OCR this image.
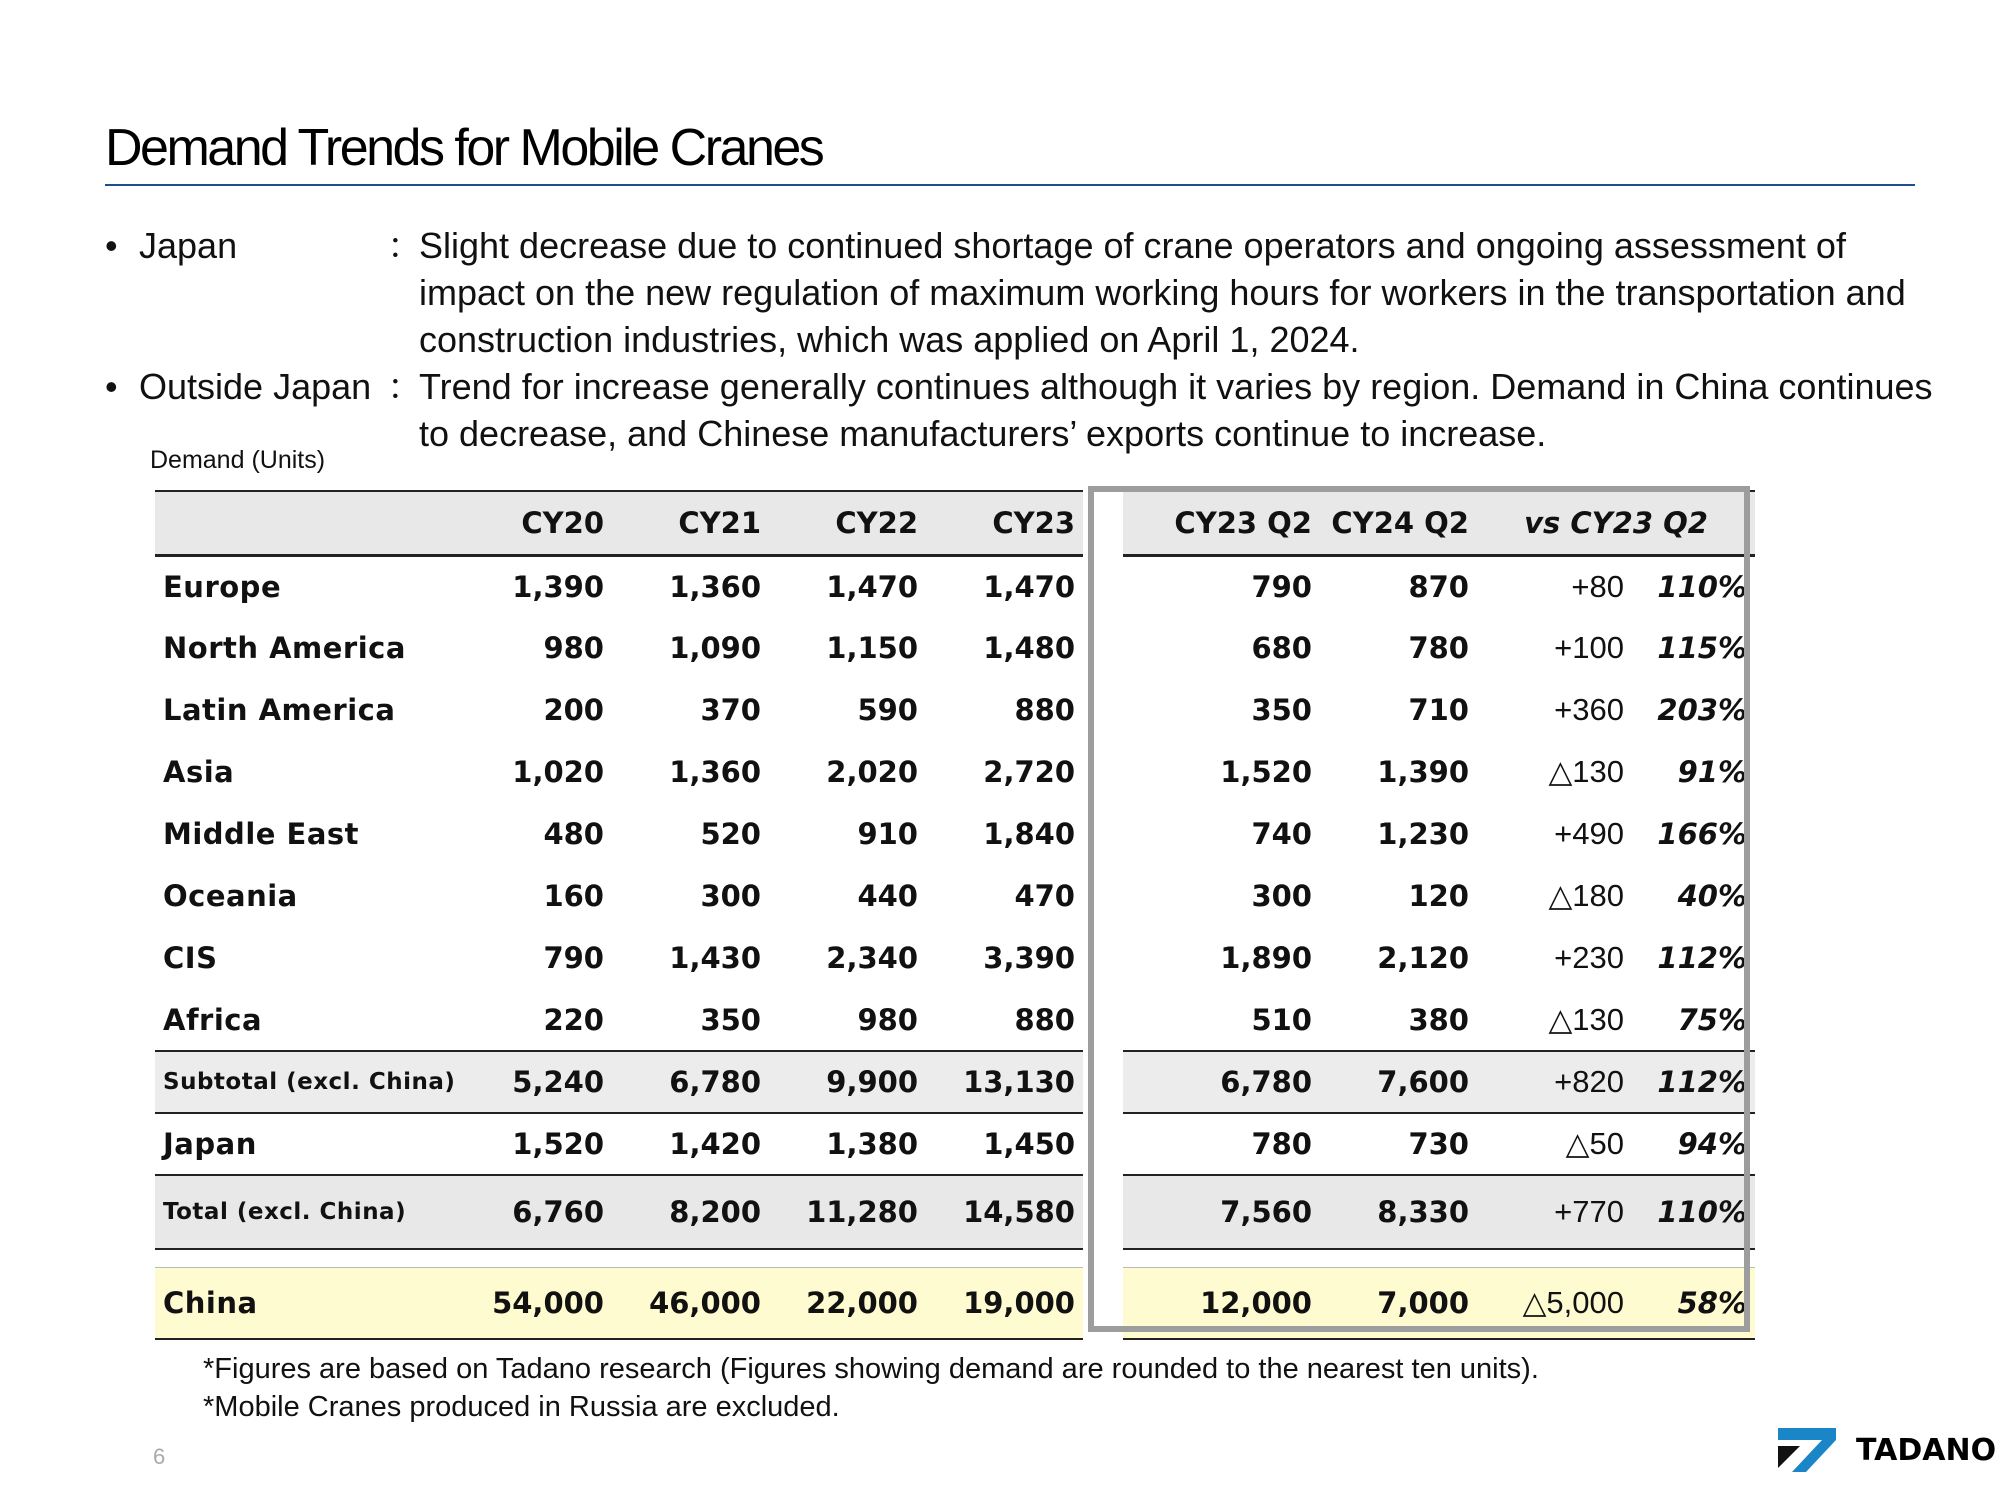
Demand Trends for Mobile Cranes
• Japan	：
Slight decrease due to continued shortage of crane operators and ongoing assessment of impact on the new regulation of maximum working hours for workers in the transportation and construction industries, which was applied on April 1, 2024.
• Outside Japan ：
Trend for increase generally continues although it varies by region. Demand in China continues to decrease, and Chinese manufacturers’ exports continue to increase.
Demand (Units)
	CY20	CY21	CY22	CY23		CY23 Q2	CY24 Q2	vs CY23 Q2	
Europe	1,390	1,360	1,470	1,470		790	870	+80	110%
North America	980	1,090	1,150	1,480		680	780	+100	115%
Latin America	200	370	590	880		350	710	+360	203%
Asia	1,020	1,360	2,020	2,720		1,520	1,390	△130	91%
Middle East	480	520	910	1,840		740	1,230	+490	166%
Oceania	160	300	440	470		300	120	△180	40%
CIS	790	1,430	2,340	3,390		1,890	2,120	+230	112%
Africa	220	350	980	880		510	380	△130	75%
Subtotal (excl. China)	5,240	6,780	9,900	13,130		6,780	7,600	+820	112%
Japan	1,520	1,420	1,380	1,450		780	730	△50	94%
Total (excl. China)	6,760	8,200	11,280	14,580		7,560	8,330	+770	110%

China	54,000	46,000	22,000	19,000		12,000	7,000	△5,000	58%
*Figures are based on Tadano research (Figures showing demand are rounded to the nearest ten units).
*Mobile Cranes produced in Russia are excluded.
6	TADANO
